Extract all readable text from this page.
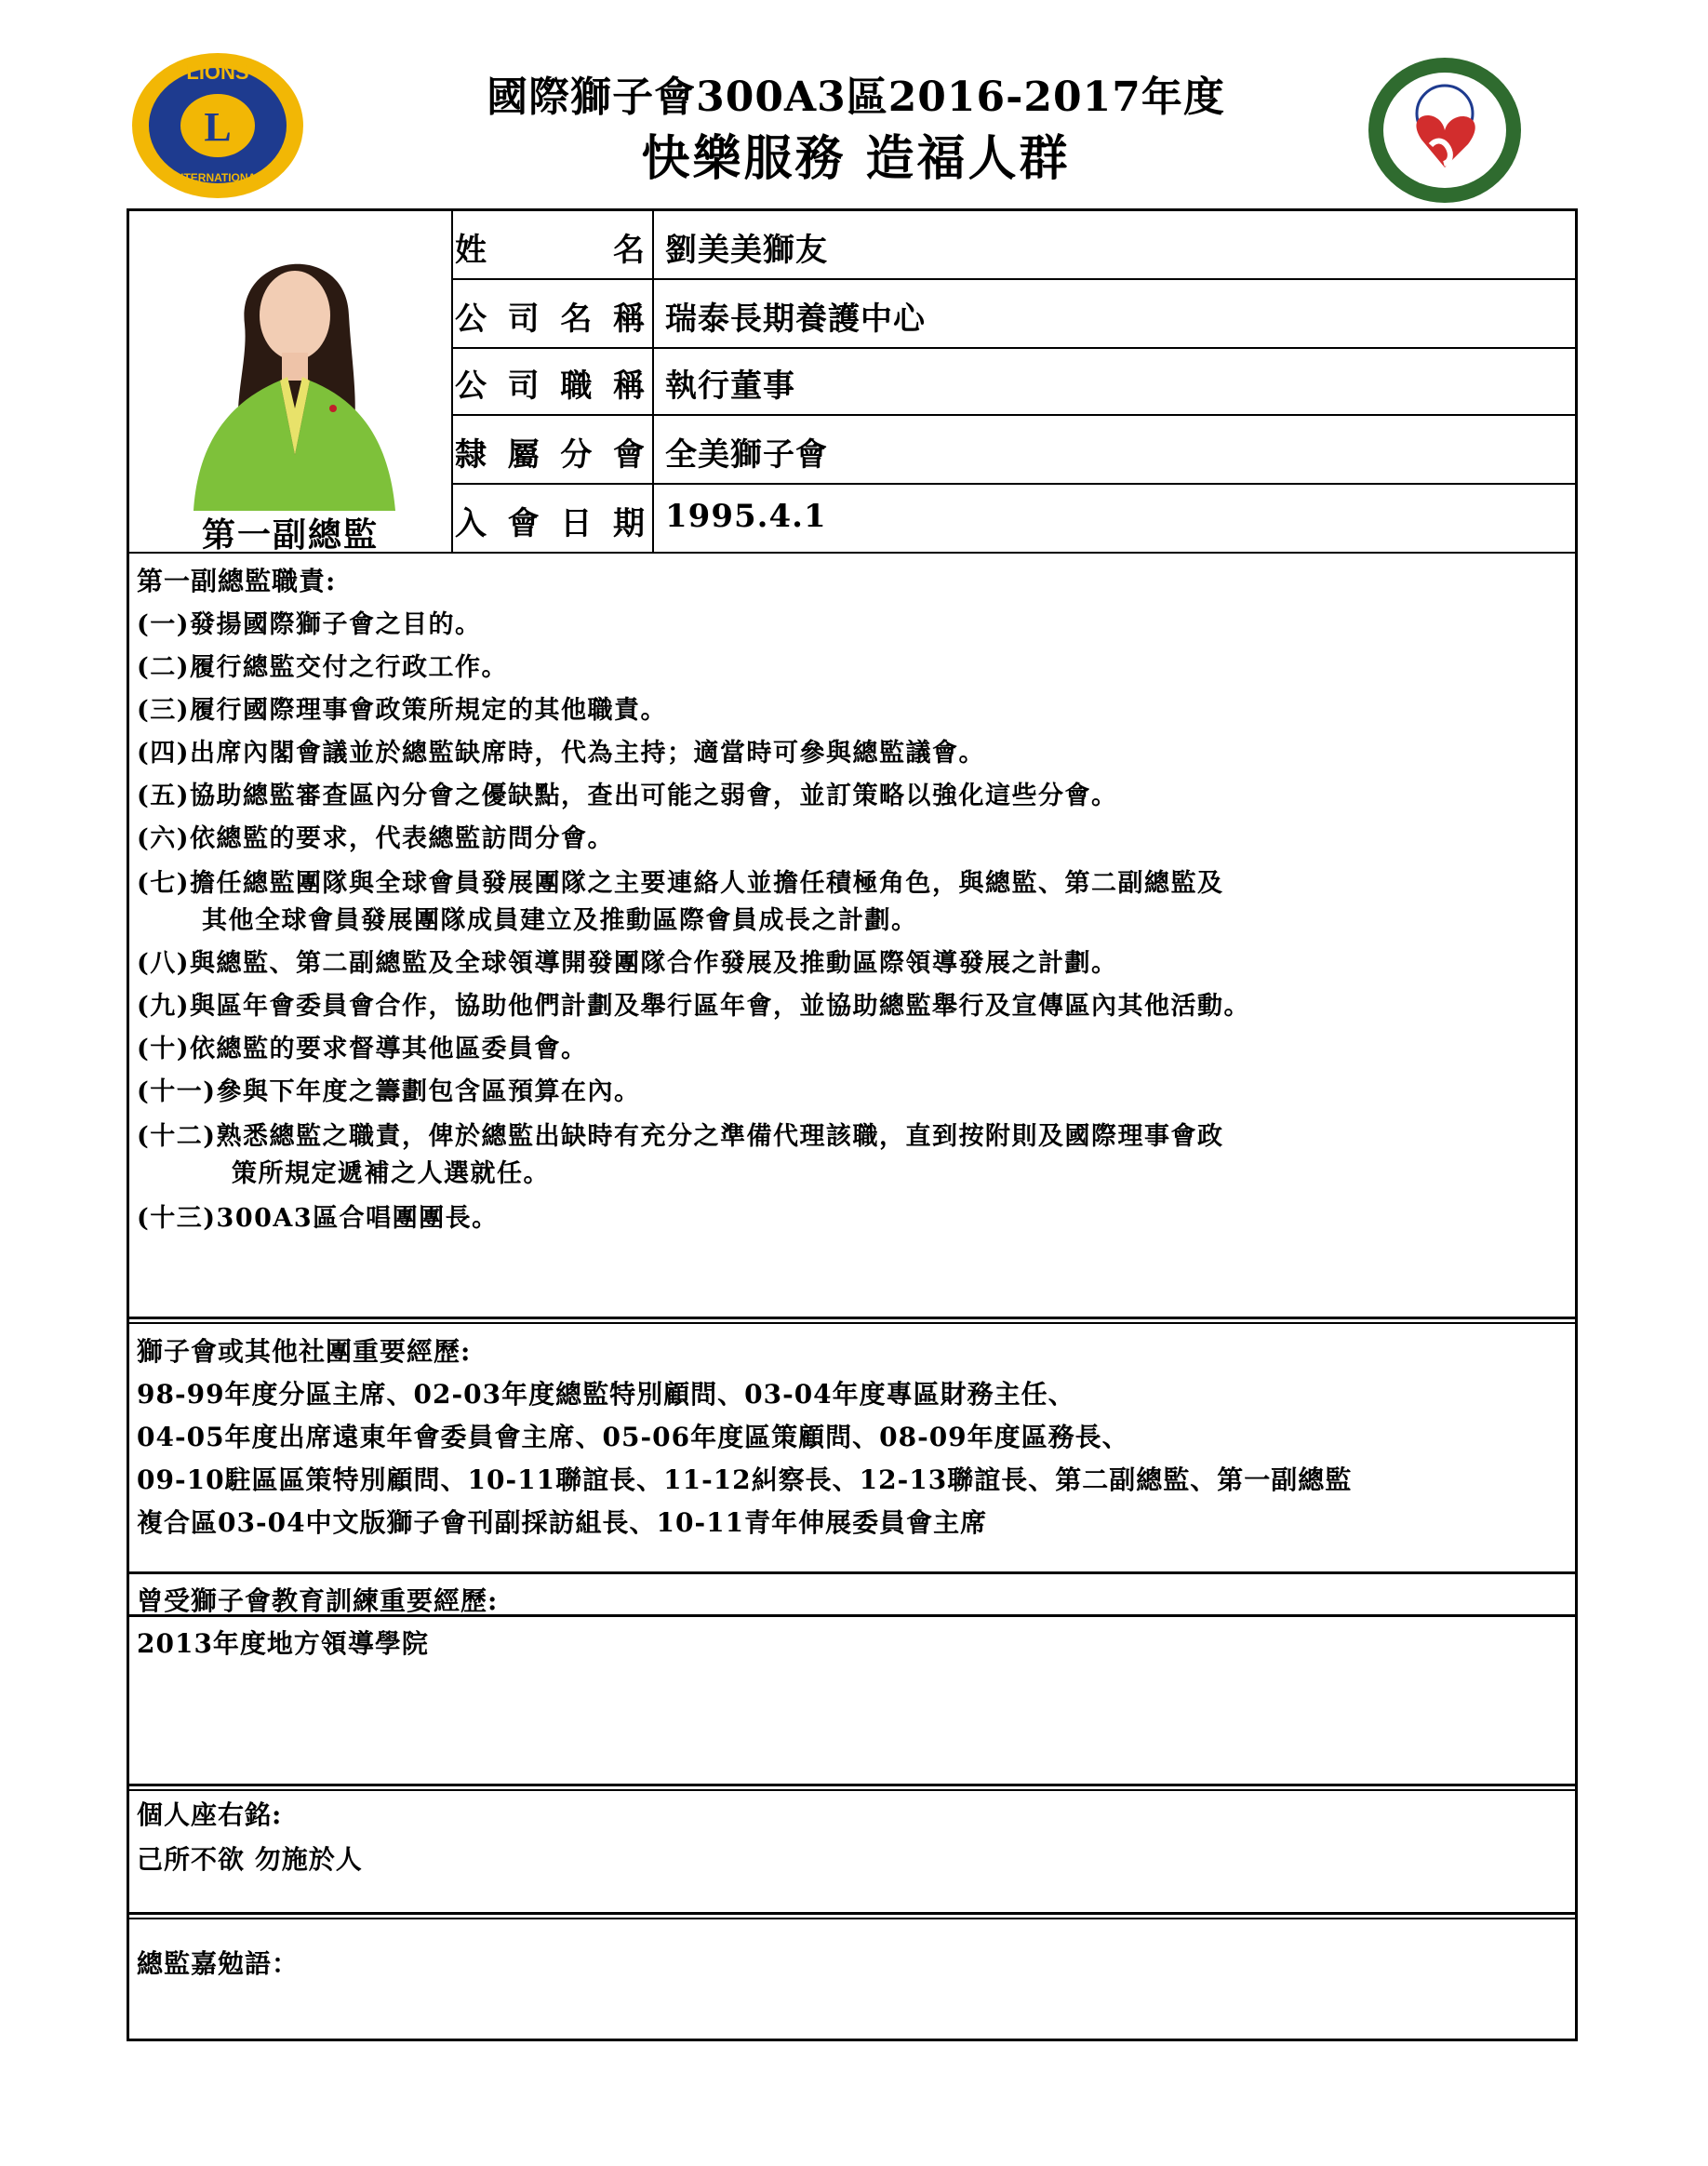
L
LIONS
INTERNATIONAL
國際獅子會300A3區2016-2017年度
快樂服務 造福人群
第一副總監
姓名 劉美美獅友
公司名稱 瑞泰長期養護中心
公司職稱 執行董事
隸屬分會 全美獅子會
入會日期 1995.4.1
第一副總監職責:
(一)發揚國際獅子會之目的。
(二)履行總監交付之行政工作。
(三)履行國際理事會政策所規定的其他職責。
(四)出席內閣會議並於總監缺席時，代為主持；適當時可參與總監議會。
(五)協助總監審查區內分會之優缺點，查出可能之弱會，並訂策略以強化這些分會。
(六)依總監的要求，代表總監訪問分會。
(七)擔任總監團隊與全球會員發展團隊之主要連絡人並擔任積極角色，與總監、第二副總監及
其他全球會員發展團隊成員建立及推動區際會員成長之計劃。
(八)與總監、第二副總監及全球領導開發團隊合作發展及推動區際領導發展之計劃。
(九)與區年會委員會合作，協助他們計劃及舉行區年會，並協助總監舉行及宣傳區內其他活動。
(十)依總監的要求督導其他區委員會。
(十一)參與下年度之籌劃包含區預算在內。
(十二)熟悉總監之職責，俾於總監出缺時有充分之準備代理該職，直到按附則及國際理事會政
策所規定遞補之人選就任。
(十三)300A3區合唱團團長。
獅子會或其他社團重要經歷:
98-99年度分區主席、02-03年度總監特別顧問、03-04年度專區財務主任、
04-05年度出席遠東年會委員會主席、05-06年度區策顧問、08-09年度區務長、
09-10駐區區策特別顧問、10-11聯誼長、11-12糾察長、12-13聯誼長、第二副總監、第一副總監
複合區03-04中文版獅子會刊副採訪組長、10-11青年伸展委員會主席
曾受獅子會教育訓練重要經歷:
2013年度地方領導學院
個人座右銘:
己所不欲 勿施於人
總監嘉勉語：
